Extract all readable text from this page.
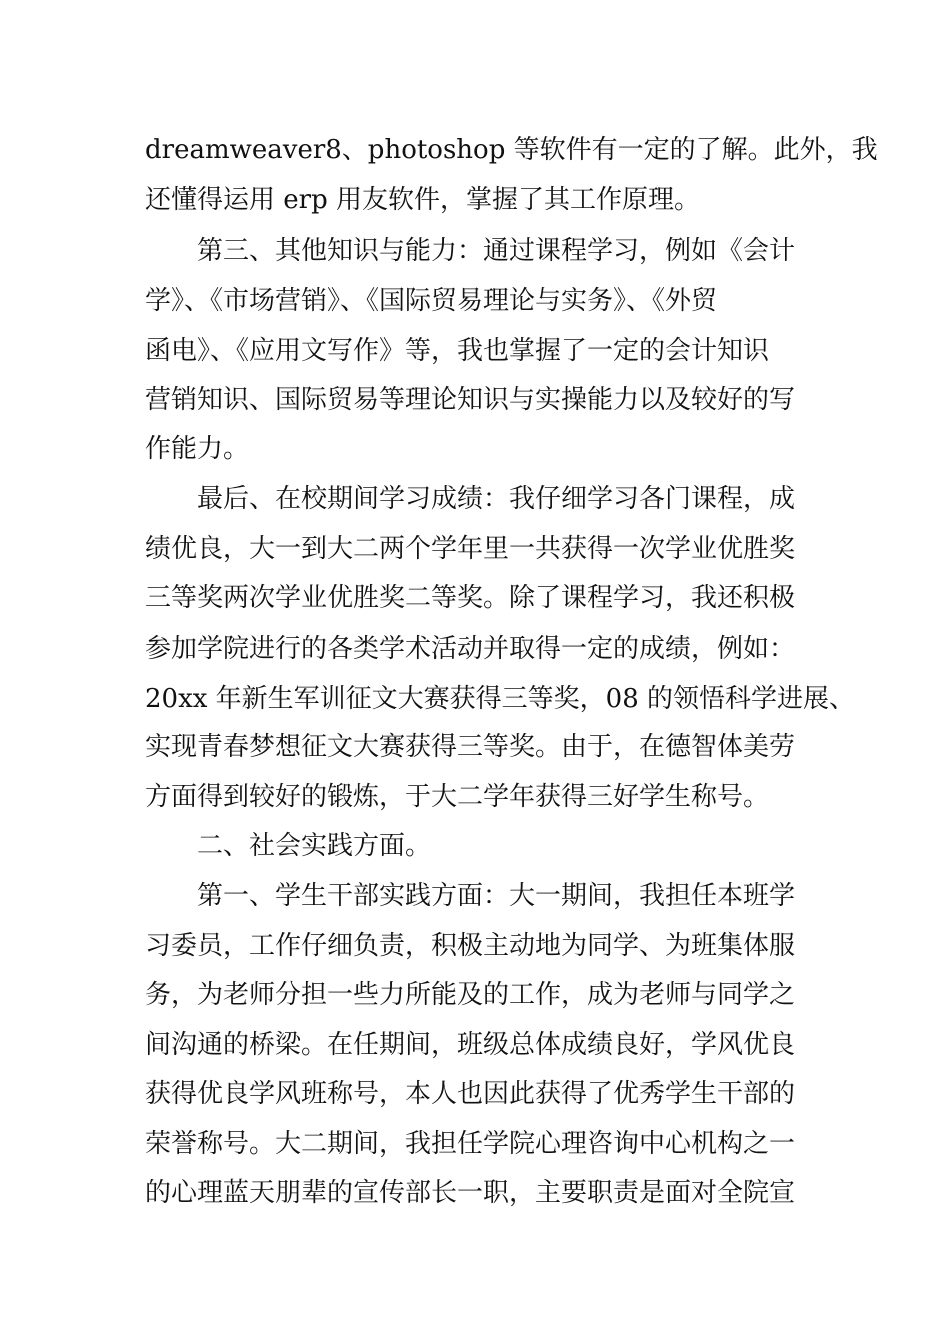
dreamweaver8、photoshop 等软件有一定的了解。此外，我

还懂得运用 erp 用友软件，掌握了其工作原理。

第三、其他知识与能力：通过课程学习，例如《会计

学》、《市场营销》、《国际贸易理论与实务》、《外贸

函电》、《应用文写作》等，我也掌握了一定的会计知识

营销知识、国际贸易等理论知识与实操能力以及较好的写

作能力。

最后、在校期间学习成绩：我仔细学习各门课程，成

绩优良，大一到大二两个学年里一共获得一次学业优胜奖

三等奖两次学业优胜奖二等奖。除了课程学习，我还积极

参加学院进行的各类学术活动并取得一定的成绩，例如：

20xx 年新生军训征文大赛获得三等奖，08 的领悟科学进展、

实现青春梦想征文大赛获得三等奖。由于，在德智体美劳

方面得到较好的锻炼，于大二学年获得三好学生称号。

二、社会实践方面。

第一、学生干部实践方面：大一期间，我担任本班学

习委员，工作仔细负责，积极主动地为同学、为班集体服

务，为老师分担一些力所能及的工作，成为老师与同学之

间沟通的桥梁。在任期间，班级总体成绩良好，学风优良

获得优良学风班称号，本人也因此获得了优秀学生干部的

荣誉称号。大二期间，我担任学院心理咨询中心机构之一

的心理蓝天朋辈的宣传部长一职，主要职责是面对全院宣
